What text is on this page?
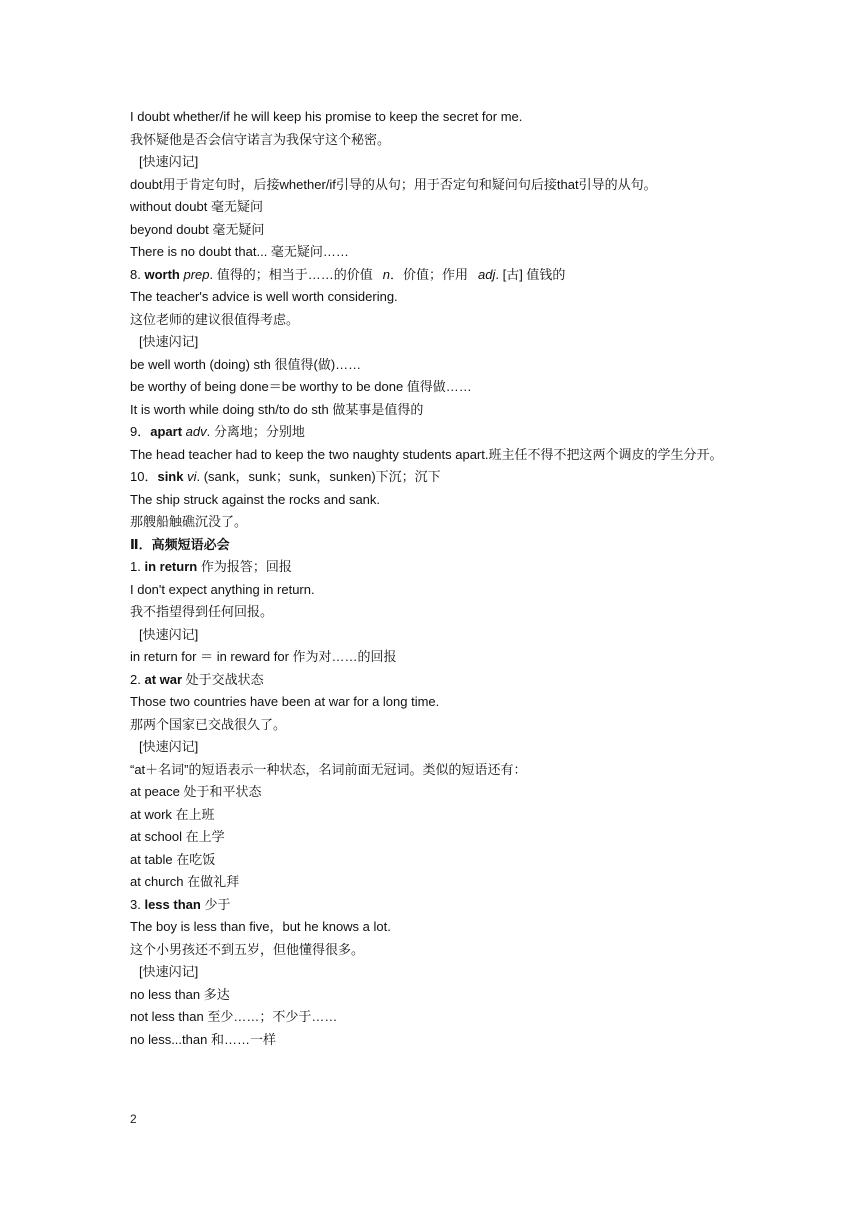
I doubt whether/if he will keep his promise to keep the secret for me.
我怀疑他是否会信守诺言为我保守这个秘密。
[快速闪记]
doubt用于肯定句时，后接whether/if引导的从句；用于否定句和疑问句后接that引导的从句。
without doubt 毫无疑问
beyond doubt 毫无疑问
There is no doubt that... 毫无疑问……
8. worth prep. 值得的；相当于……的价值 n．价值；作用 adj. [古] 值钱的
The teacher's advice is well worth considering.
这位老师的建议很值得考虑。
[快速闪记]
be well worth (doing) sth 很值得(做)……
be worthy of being done＝be worthy to be done 值得做……
It is worth while doing sth/to do sth 做某事是值得的
9．apart adv. 分离地；分别地
The head teacher had to keep the two naughty students apart.班主任不得不把这两个调皮的学生分开。
10．sink vi. (sank，sunk；sunk，sunken)下沉；沉下
The ship struck against the rocks and sank.
那艘船触礁沉没了。
Ⅱ．高频短语必会
1. in return 作为报答；回报
I don't expect anything in return.
我不指望得到任何回报。
[快速闪记]
in return for ＝ in reward for 作为对……的回报
2. at war 处于交战状态
Those two countries have been at war for a long time.
那两个国家已交战很久了。
[快速闪记]
“at＋名词”的短语表示一种状态，名词前面无冠词。类似的短语还有：
at peace 处于和平状态
at work 在上班
at school 在上学
at table 在吃饭
at church 在做礼拜
3. less than 少于
The boy is less than five，but he knows a lot.
这个小男孩还不到五岁，但他懂得很多。
[快速闪记]
no less than 多达
not less than 至少……；不少于……
no less...than 和……一样
2
